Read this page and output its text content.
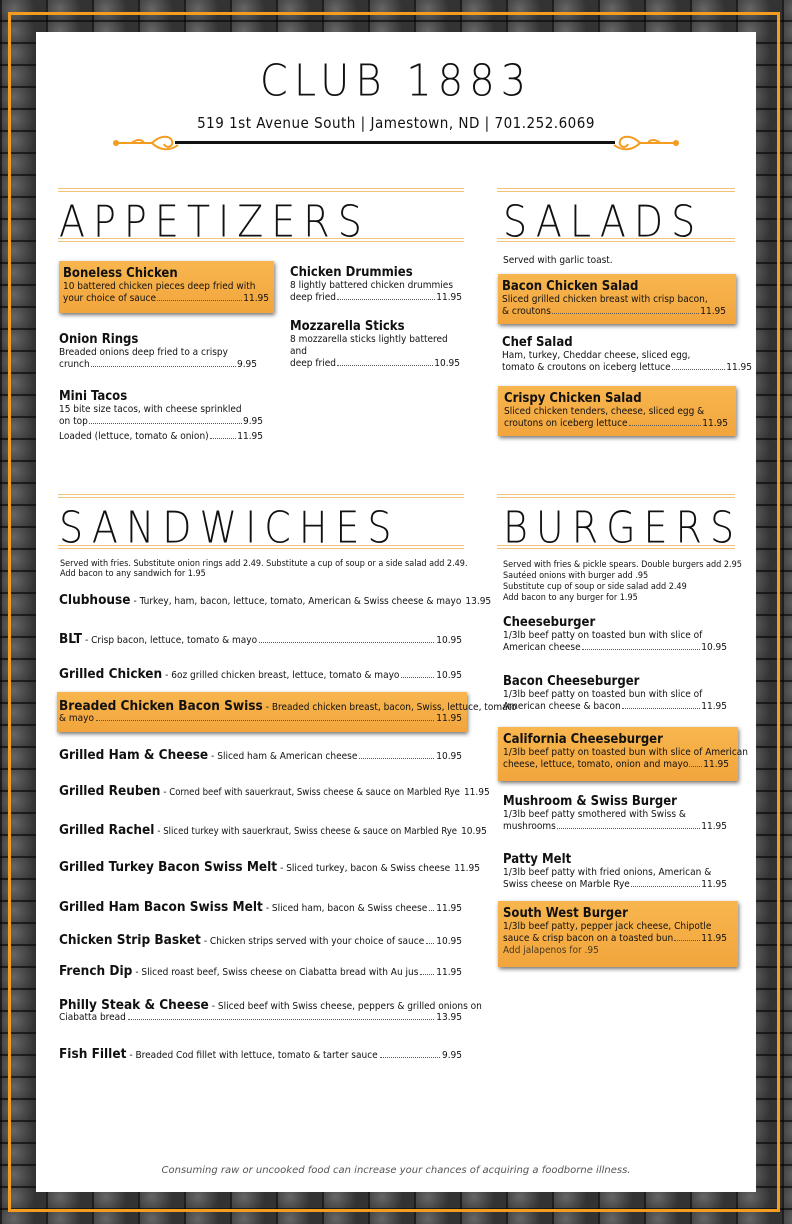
CLUB 1883
519 1st Avenue South | Jamestown, ND | 701.252.6069
APPETIZERS
Boneless Chicken
10 battered chicken pieces deep fried with
your choice of sauce	11.95
Onion Rings
Breaded onions deep fried to a crispy
crunch	9.95
Mini Tacos
15 bite size tacos, with cheese sprinkled
on top	9.95
Loaded (lettuce, tomato & onion)	11.95
Chicken Drummies
8 lightly battered chicken drummies
deep fried	11.95
Mozzarella Sticks
8 mozzarella sticks lightly battered and
deep fried	10.95
SALADS
Served with garlic toast.
Bacon Chicken Salad
Sliced grilled chicken breast with crisp bacon,
& croutons	11.95
Chef Salad
Ham, turkey, Cheddar cheese, sliced egg,
tomato & croutons on iceberg lettuce	11.95
Crispy Chicken Salad
Sliced chicken tenders, cheese, sliced egg &
croutons on iceberg lettuce	11.95
SANDWICHES
Served with fries. Substitute onion rings add 2.49. Substitute a cup of soup or a side salad add 2.49.
Add bacon to any sandwich for 1.95
Clubhouse - Turkey, ham, bacon, lettuce, tomato, American & Swiss cheese & mayo 13.95
BLT - Crisp bacon, lettuce, tomato & mayo	10.95
Grilled Chicken - 6oz grilled chicken breast, lettuce, tomato & mayo	10.95
Breaded Chicken Bacon Swiss - Breaded chicken breast, bacon, Swiss, lettuce, tomato
& mayo	11.95
Grilled Ham & Cheese - Sliced ham & American cheese	10.95
Grilled Reuben - Corned beef with sauerkraut, Swiss cheese & sauce on Marbled Rye 11.95
Grilled Rachel - Sliced turkey with sauerkraut, Swiss cheese & sauce on Marbled Rye 10.95
Grilled Turkey Bacon Swiss Melt - Sliced turkey, bacon & Swiss cheese 11.95
Grilled Ham Bacon Swiss Melt - Sliced ham, bacon & Swiss cheese 11.95
Chicken Strip Basket - Chicken strips served with your choice of sauce 10.95
French Dip - Sliced roast beef, Swiss cheese on Ciabatta bread with Au jus 11.95
Philly Steak & Cheese - Sliced beef with Swiss cheese, peppers & grilled onions on
Ciabatta bread	13.95
Fish Fillet - Breaded Cod fillet with lettuce, tomato & tarter sauce	9.95
BURGERS
Served with fries & pickle spears. Double burgers add 2.95
Sautéed onions with burger add .95
Substitute cup of soup or side salad add 2.49
Add bacon to any burger for 1.95
Cheeseburger
1/3lb beef patty on toasted bun with slice of
American cheese	10.95
Bacon Cheeseburger
1/3lb beef patty on toasted bun with slice of
American cheese & bacon	11.95
California Cheeseburger
1/3lb beef patty on toasted bun with slice of American
cheese, lettuce, tomato, onion and mayo 11.95
Mushroom & Swiss Burger
1/3lb beef patty smothered with Swiss &
mushrooms	11.95
Patty Melt
1/3lb beef patty with fried onions, American &
Swiss cheese on Marble Rye	11.95
South West Burger
1/3lb beef patty, pepper jack cheese, Chipotle
sauce & crisp bacon on a toasted bun	11.95
Add jalapenos for .95
Consuming raw or uncooked food can increase your chances of acquiring a foodborne illness.
